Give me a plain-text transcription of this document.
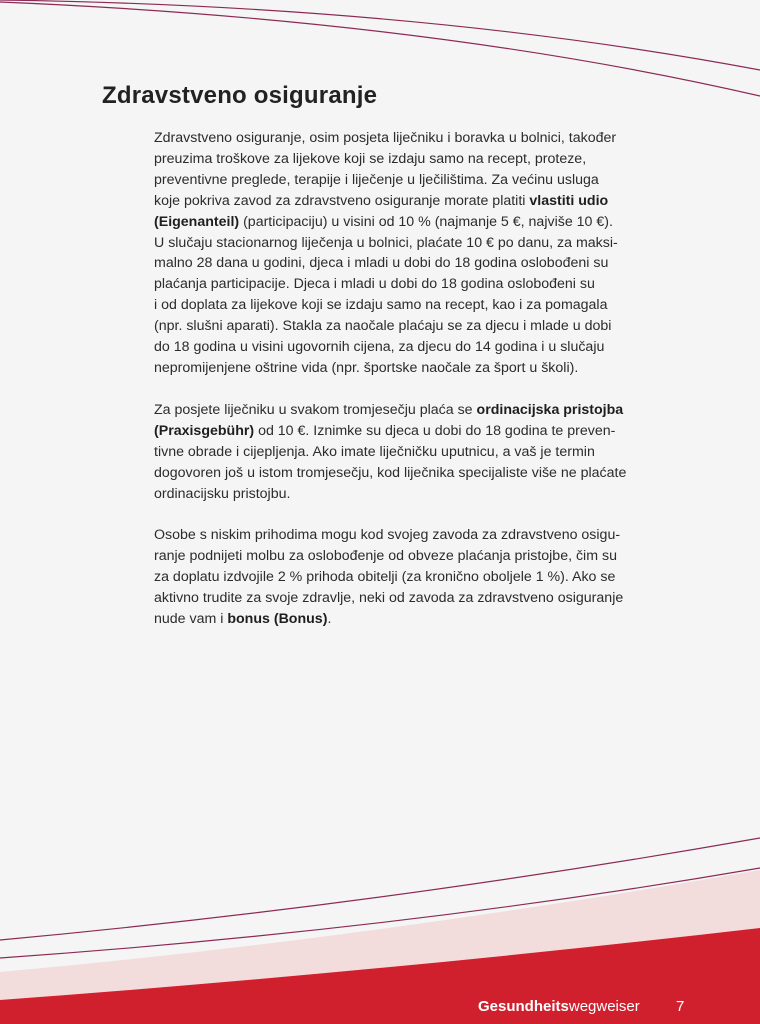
Zdravstveno osiguranje
Zdravstveno osiguranje, osim posjeta liječniku i boravka u bolnici, također
preuzima troškove za lijekove koji se izdaju samo na recept, proteze,
preventivne preglede, terapije i liječenje u lječilištima. Za većinu usluga
koje pokriva zavod za zdravstveno osiguranje morate platiti vlastiti udio
(Eigenanteil) (participaciju) u visini od 10 % (najmanje 5 €, najviše 10 €).
U slučaju stacionarnog liječenja u bolnici, plaćate 10 € po danu, za maksi-
malno 28 dana u godini, djeca i mladi u dobi do 18 godina oslobođeni su
plaćanja participacije. Djeca i mladi u dobi do 18 godina oslobođeni su
i od doplata za lijekove koji se izdaju samo na recept, kao i za pomagala
(npr. slušni aparati). Stakla za naočale plaćaju se za djecu i mlade u dobi
do 18 godina u visini ugovornih cijena, za djecu do 14 godina i u slučaju
nepromijenjene oštrine vida (npr. športske naočale za šport u školi).
Za posjete liječniku u svakom tromjesečju plaća se ordinacijska pristojba
(Praxisgebühr) od 10 €. Iznimke su djeca u dobi do 18 godina te preven-
tivne obrade i cijepljenja. Ako imate liječničku uputnicu, a vaš je termin
dogovoren još u istom tromjesečju, kod liječnika specijaliste više ne plaćate
ordinacijsku pristojbu.
Osobe s niskim prihodima mogu kod svojeg zavoda za zdravstveno osigu-
ranje podnijeti molbu za oslobođenje od obveze plaćanja pristojbe, čim su
za doplatu izdvojile 2 % prihoda obitelji (za kronično oboljele 1 %). Ako se
aktivno trudite za svoje zdravlje, neki od zavoda za zdravstveno osiguranje
nude vam i bonus (Bonus).
Gesundheitswegweiser 7
